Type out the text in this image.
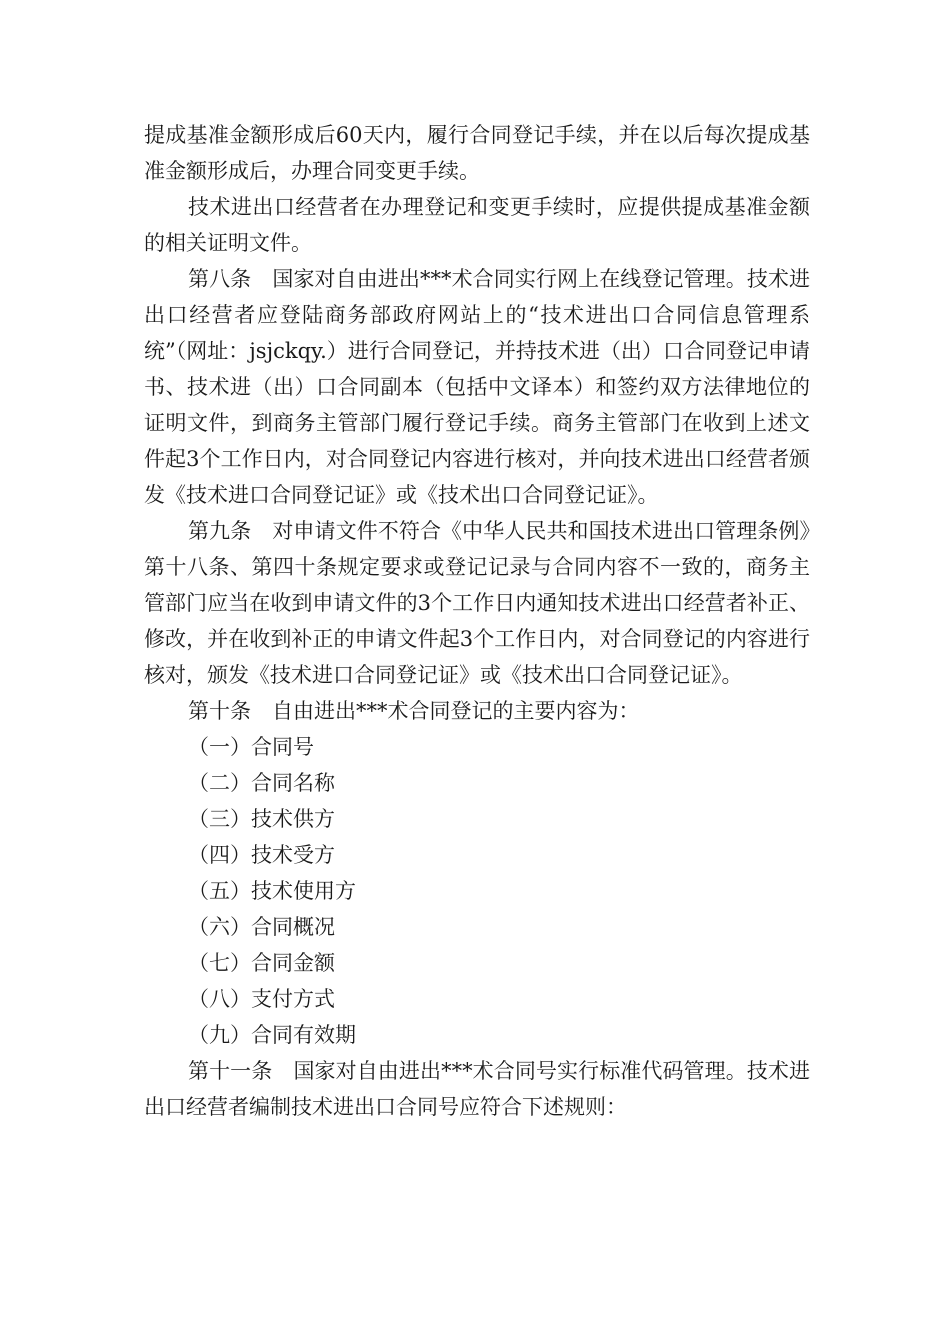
提成基准金额形成后60天内，履行合同登记手续，并在以后每次提成基准金额形成后，办理合同变更手续。

技术进出口经营者在办理登记和变更手续时，应提供提成基准金额的相关证明文件。

第八条　国家对自由进出***术合同实行网上在线登记管理。技术进出口经营者应登陆商务部政府网站上的“技术进出口合同信息管理系统”（网址：jsjckqy.）进行合同登记，并持技术进（出）口合同登记申请书、技术进（出）口合同副本（包括中文译本）和签约双方法律地位的证明文件，到商务主管部门履行登记手续。商务主管部门在收到上述文件起3个工作日内，对合同登记内容进行核对，并向技术进出口经营者颁发《技术进口合同登记证》或《技术出口合同登记证》。

第九条　对申请文件不符合《中华人民共和国技术进出口管理条例》第十八条、第四十条规定要求或登记记录与合同内容不一致的，商务主管部门应当在收到申请文件的3个工作日内通知技术进出口经营者补正、修改，并在收到补正的申请文件起3个工作日内，对合同登记的内容进行核对，颁发《技术进口合同登记证》或《技术出口合同登记证》。

第十条　自由进出***术合同登记的主要内容为：

（一）合同号

（二）合同名称

（三）技术供方

（四）技术受方

（五）技术使用方

（六）合同概况

（七）合同金额

（八）支付方式

（九）合同有效期

第十一条　国家对自由进出***术合同号实行标准代码管理。技术进出口经营者编制技术进出口合同号应符合下述规则：
